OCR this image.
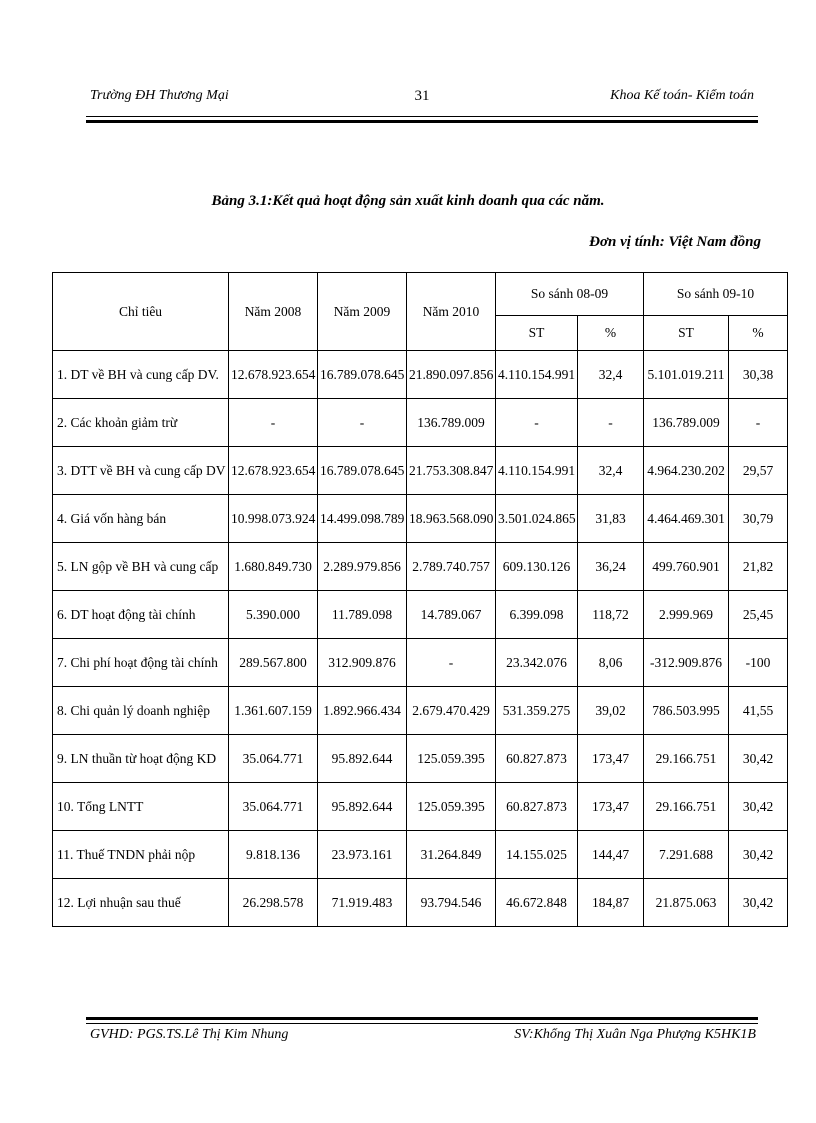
Trường ĐH Thương Mại	31	Khoa Kế toán- Kiểm toán
Bảng 3.1:Kết quả hoạt động sản xuất kinh doanh qua các năm.
Đơn vị tính: Việt Nam đồng
Chỉ tiêu	Năm 2008	Năm 2009	Năm 2010	So sánh 08-09		So sánh 09-10	
				ST	%	ST	%
1. DT về BH và cung cấp DV.	12.678.923.654	16.789.078.645	21.890.097.856	4.110.154.991	32,4	5.101.019.211	30,38
2. Các khoản giảm trừ	-	-	136.789.009	-	-	136.789.009	-
3. DTT về BH và cung cấp DV	12.678.923.654	16.789.078.645	21.753.308.847	4.110.154.991	32,4	4.964.230.202	29,57
4. Giá vốn hàng bán	10.998.073.924	14.499.098.789	18.963.568.090	3.501.024.865	31,83	4.464.469.301	30,79
5. LN gộp về BH và cung cấp	1.680.849.730	2.289.979.856	2.789.740.757	609.130.126	36,24	499.760.901	21,82
6. DT hoạt động tài chính	5.390.000	11.789.098	14.789.067	6.399.098	118,72	2.999.969	25,45
7. Chi phí hoạt động tài chính	289.567.800	312.909.876	-	23.342.076	8,06	-312.909.876	-100
8. Chi quản lý doanh nghiệp	1.361.607.159	1.892.966.434	2.679.470.429	531.359.275	39,02	786.503.995	41,55
9. LN thuần từ hoạt động KD	35.064.771	95.892.644	125.059.395	60.827.873	173,47	29.166.751	30,42
10. Tổng LNTT	35.064.771	95.892.644	125.059.395	60.827.873	173,47	29.166.751	30,42
11. Thuế TNDN phải nộp	9.818.136	23.973.161	31.264.849	14.155.025	144,47	7.291.688	30,42
12. Lợi nhuận sau thuế	26.298.578	71.919.483	93.794.546	46.672.848	184,87	21.875.063	30,42
GVHD: PGS.TS.Lê Thị Kim Nhung	SV:Khổng Thị Xuân Nga Phượng K5HK1B
